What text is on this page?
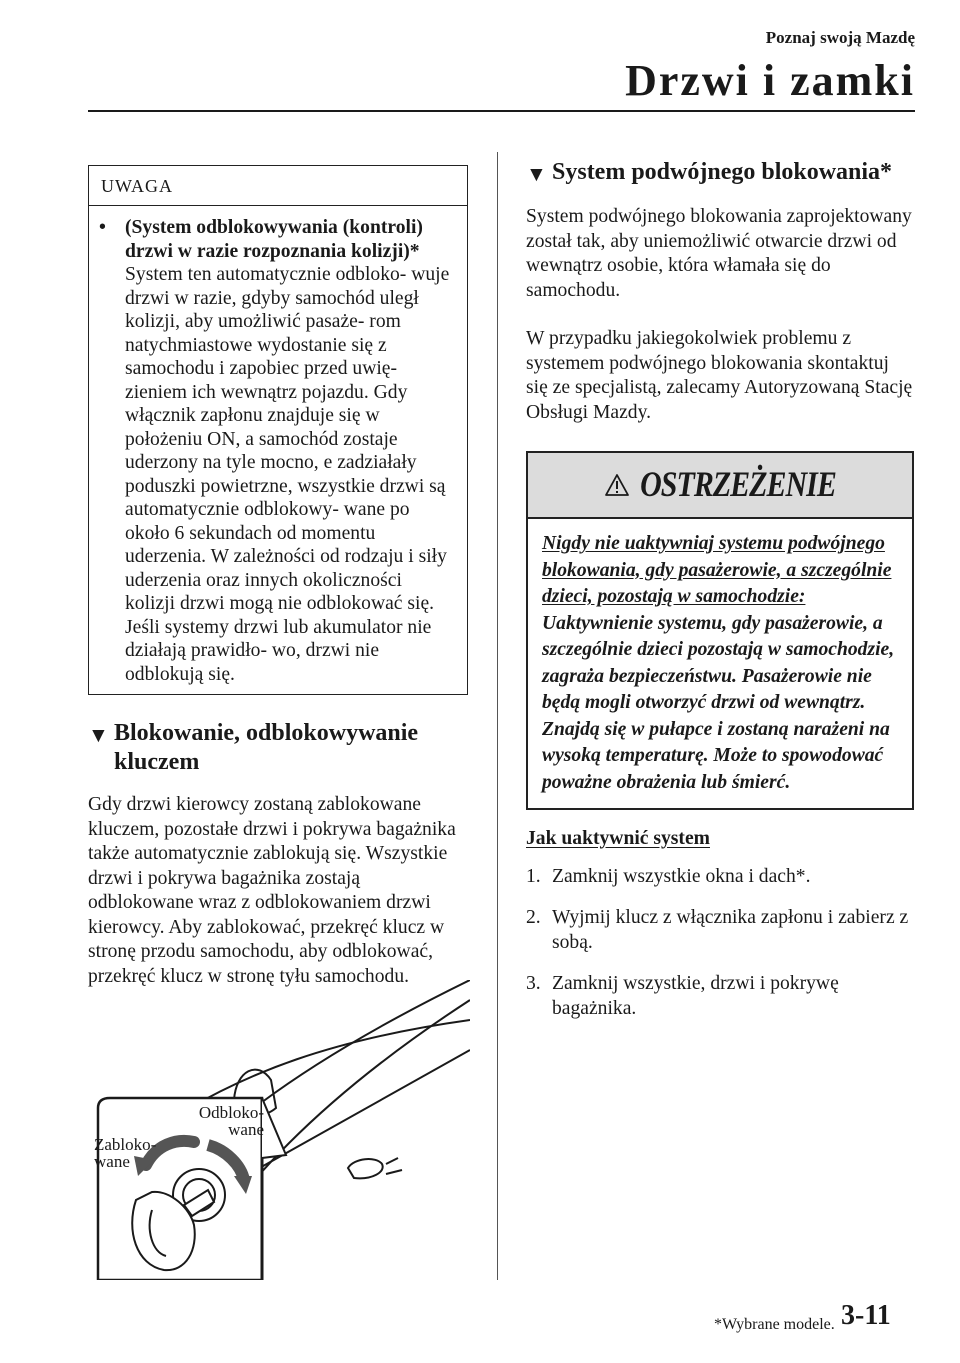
Poznaj swoją Mazdę
Drzwi i zamki
UWAGA
• (System odblokowywania (kontroli) drzwi w razie rozpoznania kolizji)*
System ten automatycznie odbloko- wuje drzwi w razie, gdyby samochód uległ kolizji, aby umożliwić pasaże- rom natychmiastowe wydostanie się z samochodu i zapobiec przed uwię- zieniem ich wewnątrz pojazdu. Gdy włącznik zapłonu znajduje się w położeniu ON, a samochód zostaje uderzony na tyle mocno, e zadziałały poduszki powietrzne, wszystkie drzwi są automatycznie odblokowy- wane po około 6 sekundach od momentu uderzenia. W zależności od rodzaju i siły uderzenia oraz innych okoliczności kolizji drzwi mogą nie odblokować się. Jeśli systemy drzwi lub akumulator nie działają prawidło- wo, drzwi nie odblokują się.
▼ Blokowanie, odblokowywanie kluczem

Gdy drzwi kierowcy zostaną zablokowane kluczem, pozostałe drzwi i pokrywa bagażnika także automatycznie zablokują się. Wszystkie drzwi i pokrywa bagażnika zostają odblokowane wraz z odblokowaniem drzwi kierowcy. Aby zablokować, przekręć klucz w stronę przodu samochodu, aby odblokować, przekręć klucz w stronę tyłu samochodu.

Odbloko-
wane
Zabloko-
wane
▼ System podwójnego blokowania*

System podwójnego blokowania zaprojektowany został tak, aby uniemożliwić otwarcie drzwi od wewnątrz osobie, która włamała się do samochodu.

W przypadku jakiegokolwiek problemu z systemem podwójnego blokowania skontaktuj się ze specjalistą, zalecamy Autoryzowaną Stację Obsługi Mazdy.

OSTRZEŻENIE
Nigdy nie uaktywniaj systemu podwójnego blokowania, gdy pasażerowie, a szczególnie dzieci, pozostają w samochodzie:
Uaktywnienie systemu, gdy pasażerowie, a szczególnie dzieci pozostają w samochodzie, zagraża bezpieczeństwu. Pasażerowie nie będą mogli otworzyć drzwi od wewnątrz. Znajdą się w pułapce i zostaną narażeni na wysoką temperaturę. Może to spowodować poważne obrażenia lub śmierć.
Jak uaktywnić system
1. Zamknij wszystkie okna i dach*.
2. Wyjmij klucz z włącznika zapłonu i zabierz z sobą.
3. Zamknij wszystkie, drzwi i pokrywę bagażnika.
*Wybrane modele. 3-11
